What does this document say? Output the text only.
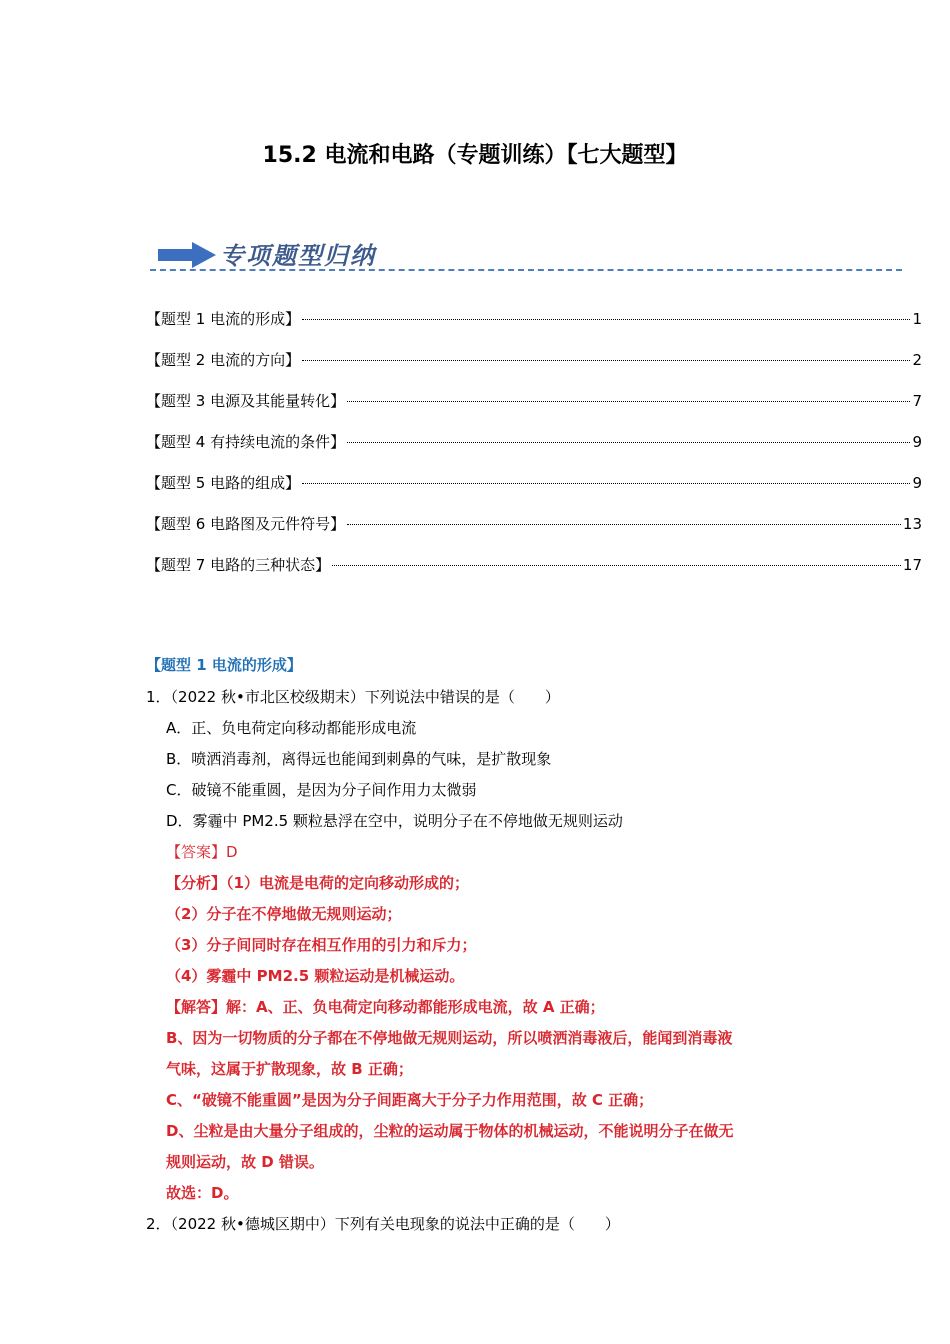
15.2 电流和电路（专题训练）【七大题型】
专项题型归纳
【题型 1 电流的形成】	1
【题型 2 电流的方向】	2
【题型 3 电源及其能量转化】	7
【题型 4 有持续电流的条件】	9
【题型 5 电路的组成】	9
【题型 6 电路图及元件符号】	13
【题型 7 电路的三种状态】	17
【题型 1 电流的形成】
1．（2022 秋•市北区校级期末）下列说法中错误的是（　　）
A．正、负电荷定向移动都能形成电流
B．喷洒消毒剂，离得远也能闻到刺鼻的气味，是扩散现象
C．破镜不能重圆，是因为分子间作用力太微弱
D．雾霾中 PM2.5 颗粒悬浮在空中，说明分子在不停地做无规则运动
【答案】D
【分析】（1）电流是电荷的定向移动形成的；
（2）分子在不停地做无规则运动；
（3）分子间同时存在相互作用的引力和斥力；
（4）雾霾中 PM2.5 颗粒运动是机械运动。
【解答】解：A、正、负电荷定向移动都能形成电流，故 A 正确；
B、因为一切物质的分子都在不停地做无规则运动，所以喷洒消毒液后，能闻到消毒液
气味，这属于扩散现象，故 B 正确；
C、“破镜不能重圆”是因为分子间距离大于分子力作用范围，故 C 正确；
D、尘粒是由大量分子组成的，尘粒的运动属于物体的机械运动，不能说明分子在做无
规则运动，故 D 错误。
故选：D。
2．（2022 秋•德城区期中）下列有关电现象的说法中正确的是（　　）
